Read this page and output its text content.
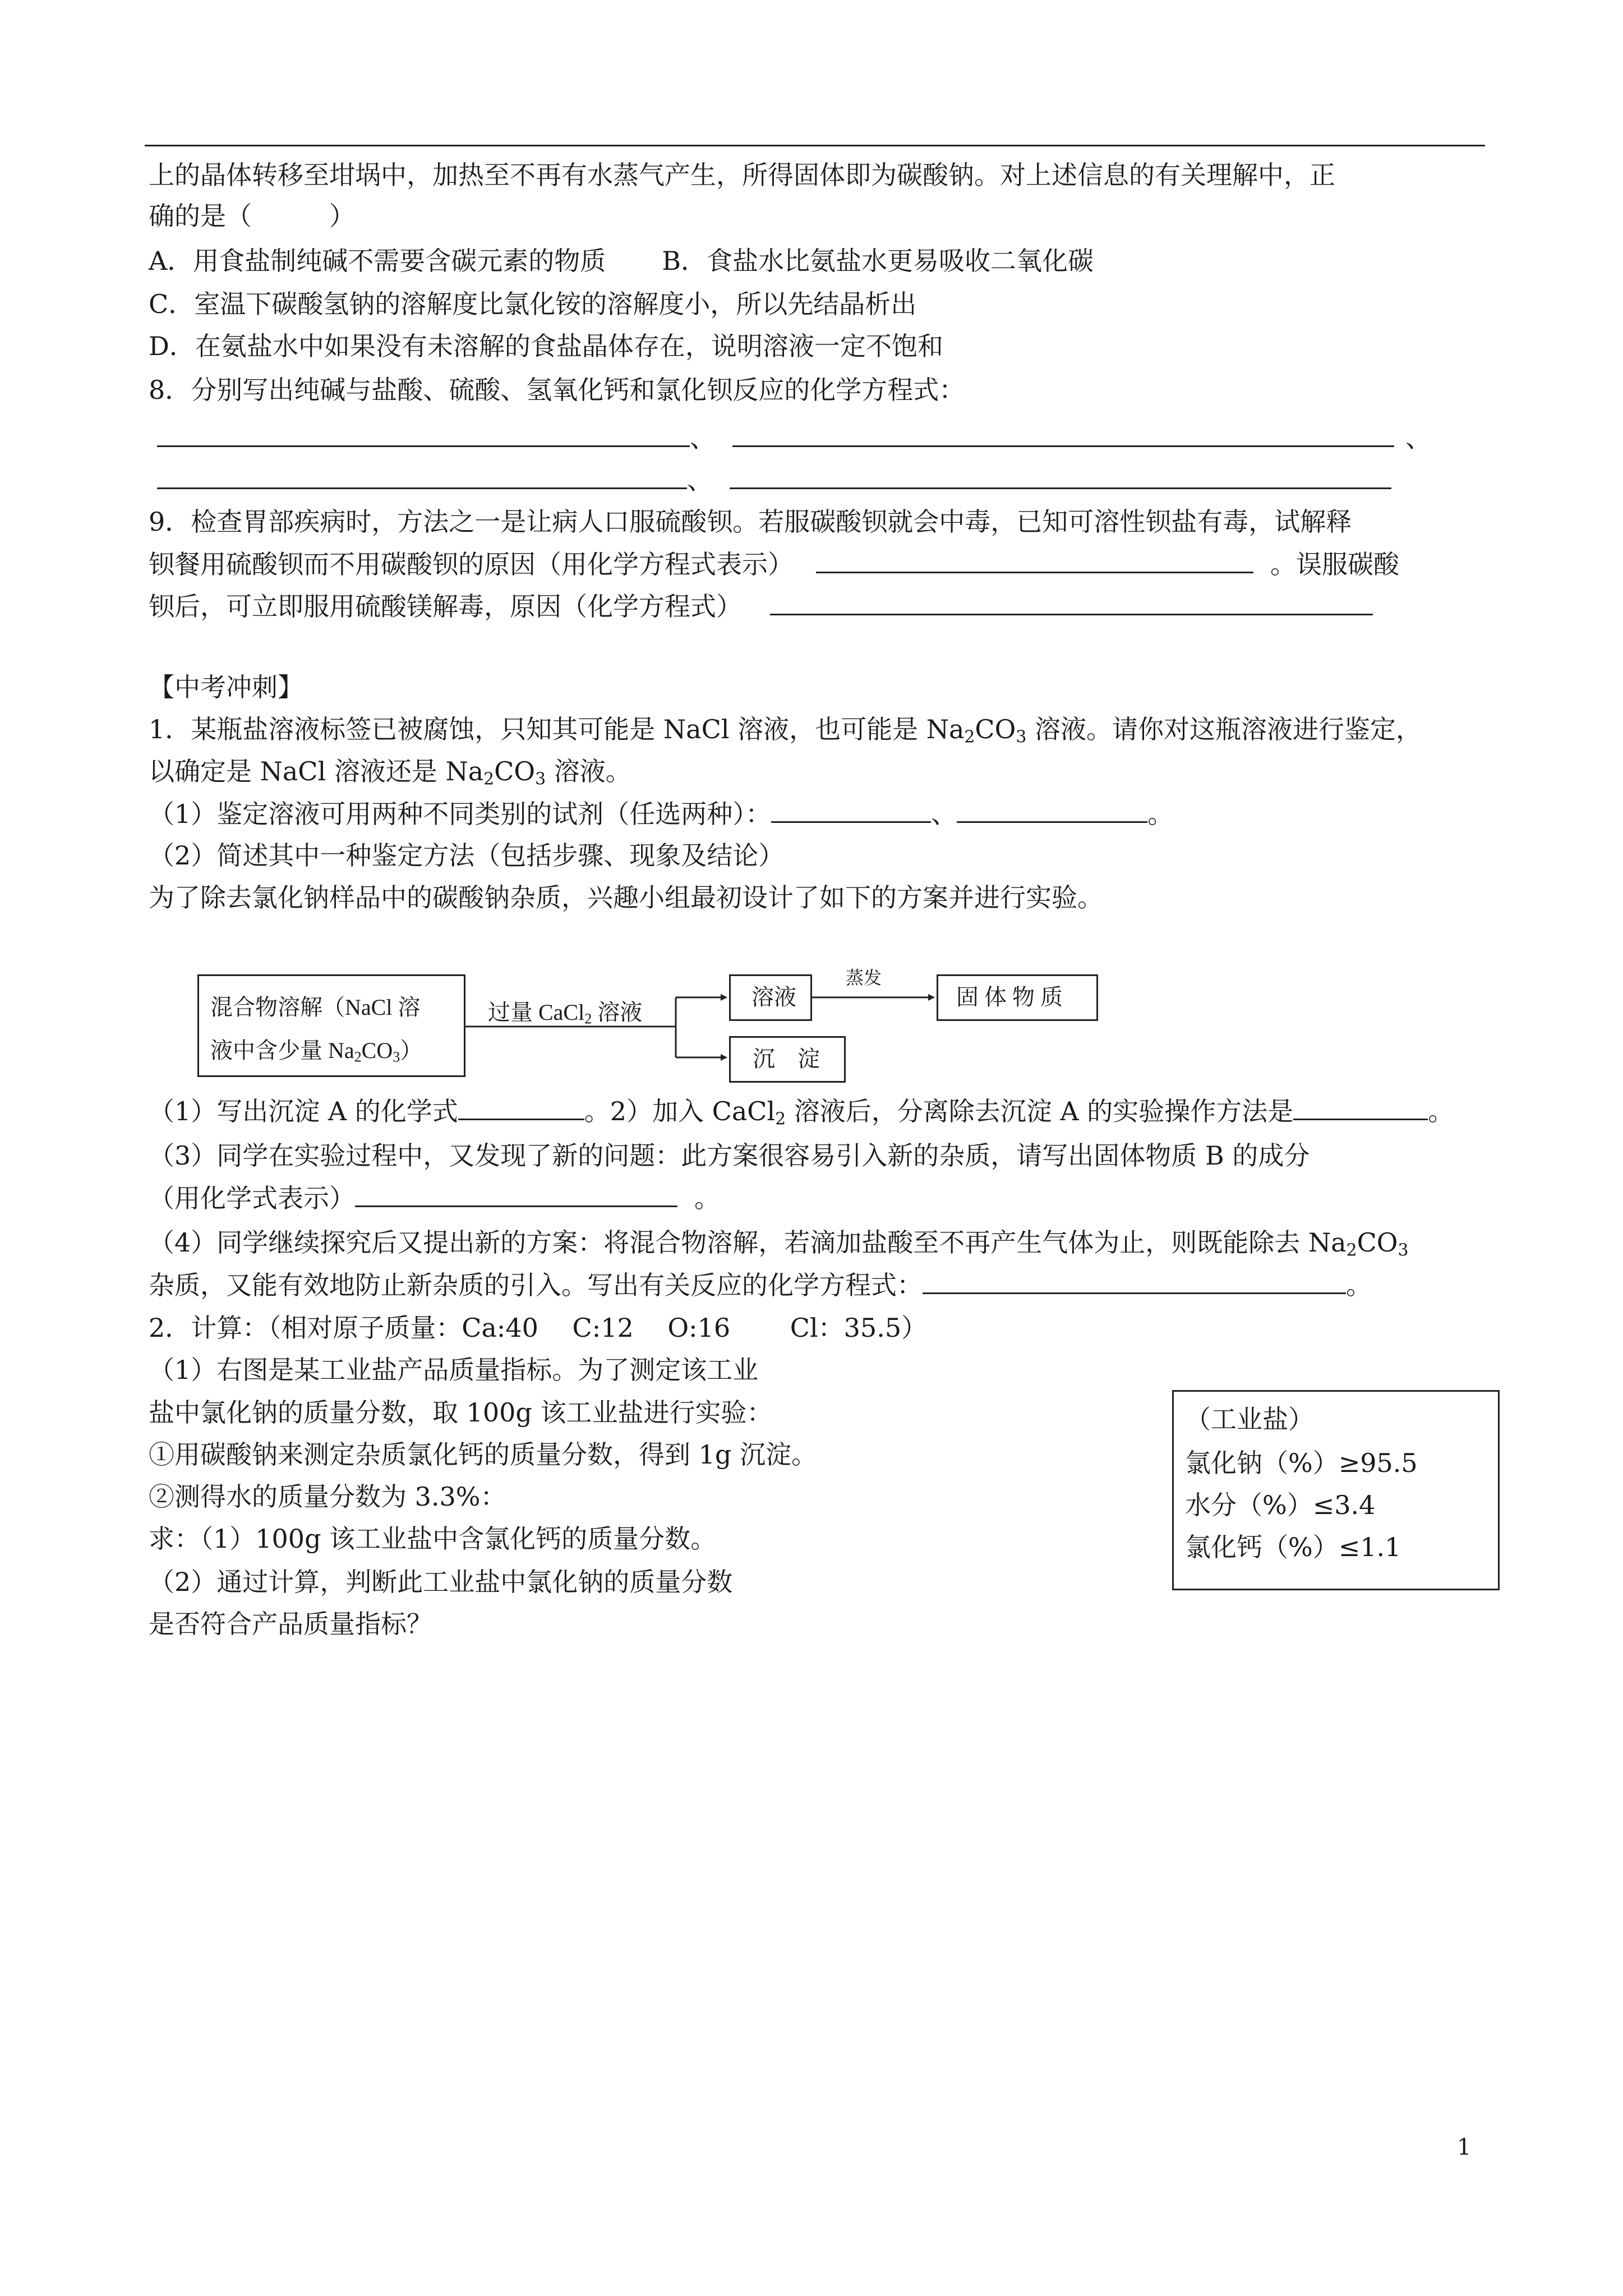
上的晶体转移至坩埚中，加热至不再有水蒸气产生，所得固体即为碳酸钠。对上述信息的有关理解中，正
确的是（　　　）
A．用食盐制纯碱不需要含碳元素的物质 B．食盐水比氨盐水更易吸收二氧化碳
C．室温下碳酸氢钠的溶解度比氯化铵的溶解度小，所以先结晶析出
D．在氨盐水中如果没有未溶解的食盐晶体存在，说明溶液一定不饱和
8．分别写出纯碱与盐酸、硫酸、氢氧化钙和氯化钡反应的化学方程式：
、	、
、
9．检查胃部疾病时，方法之一是让病人口服硫酸钡。若服碳酸钡就会中毒，已知可溶性钡盐有毒，试解释
钡餐用硫酸钡而不用碳酸钡的原因（用化学方程式表示）	。误服碳酸
钡后，可立即服用硫酸镁解毒，原因（化学方程式）
【中考冲刺】
1．某瓶盐溶液标签已被腐蚀，只知其可能是 NaCl 溶液，也可能是 $Na_2CO_3$ 溶液。请你对这瓶溶液进行鉴定，
以确定是 NaCl 溶液还是 $Na_2CO_3$ 溶液。
（1）鉴定溶液可用两种不同类别的试剂（任选两种）：	、	。
（2）简述其中一种鉴定方法（包括步骤、现象及结论）
为了除去氯化钠样品中的碳酸钠杂质，兴趣小组最初设计了如下的方案并进行实验。
混合物溶解（NaCl 溶
液中含少量 $Na_2CO_3$）
过量 CaCl$_2$ 溶液
溶液
蒸发
固 体 物 质
沉　淀
（1）写出沉淀 A 的化学式	。2）加入 CaCl$_2$ 溶液后，分离除去沉淀 A 的实验操作方法是	。
（3）同学在实验过程中，又发现了新的问题：此方案很容易引入新的杂质，请写出固体物质 B 的成分
（用化学式表示）	。
（4）同学继续探究后又提出新的方案：将混合物溶解，若滴加盐酸至不再产生气体为止，则既能除去 $Na_2CO_3$
杂质，又能有效地防止新杂质的引入。写出有关反应的化学方程式：	。
2．计算：（相对原子质量：Ca:40　 C:12　 O:16　　 Cl：35.5）
（1）右图是某工业盐产品质量指标。为了测定该工业
盐中氯化钠的质量分数，取 100g 该工业盐进行实验：
①用碳酸钠来测定杂质氯化钙的质量分数，得到 1g 沉淀。
②测得水的质量分数为 3.3%：
求：（1）100g 该工业盐中含氯化钙的质量分数。
（2）通过计算，判断此工业盐中氯化钠的质量分数
是否符合产品质量指标？
（工业盐）
氯化钠（%）≥95.5
水分（%）≤3.4
氯化钙（%）≤1.1
1
